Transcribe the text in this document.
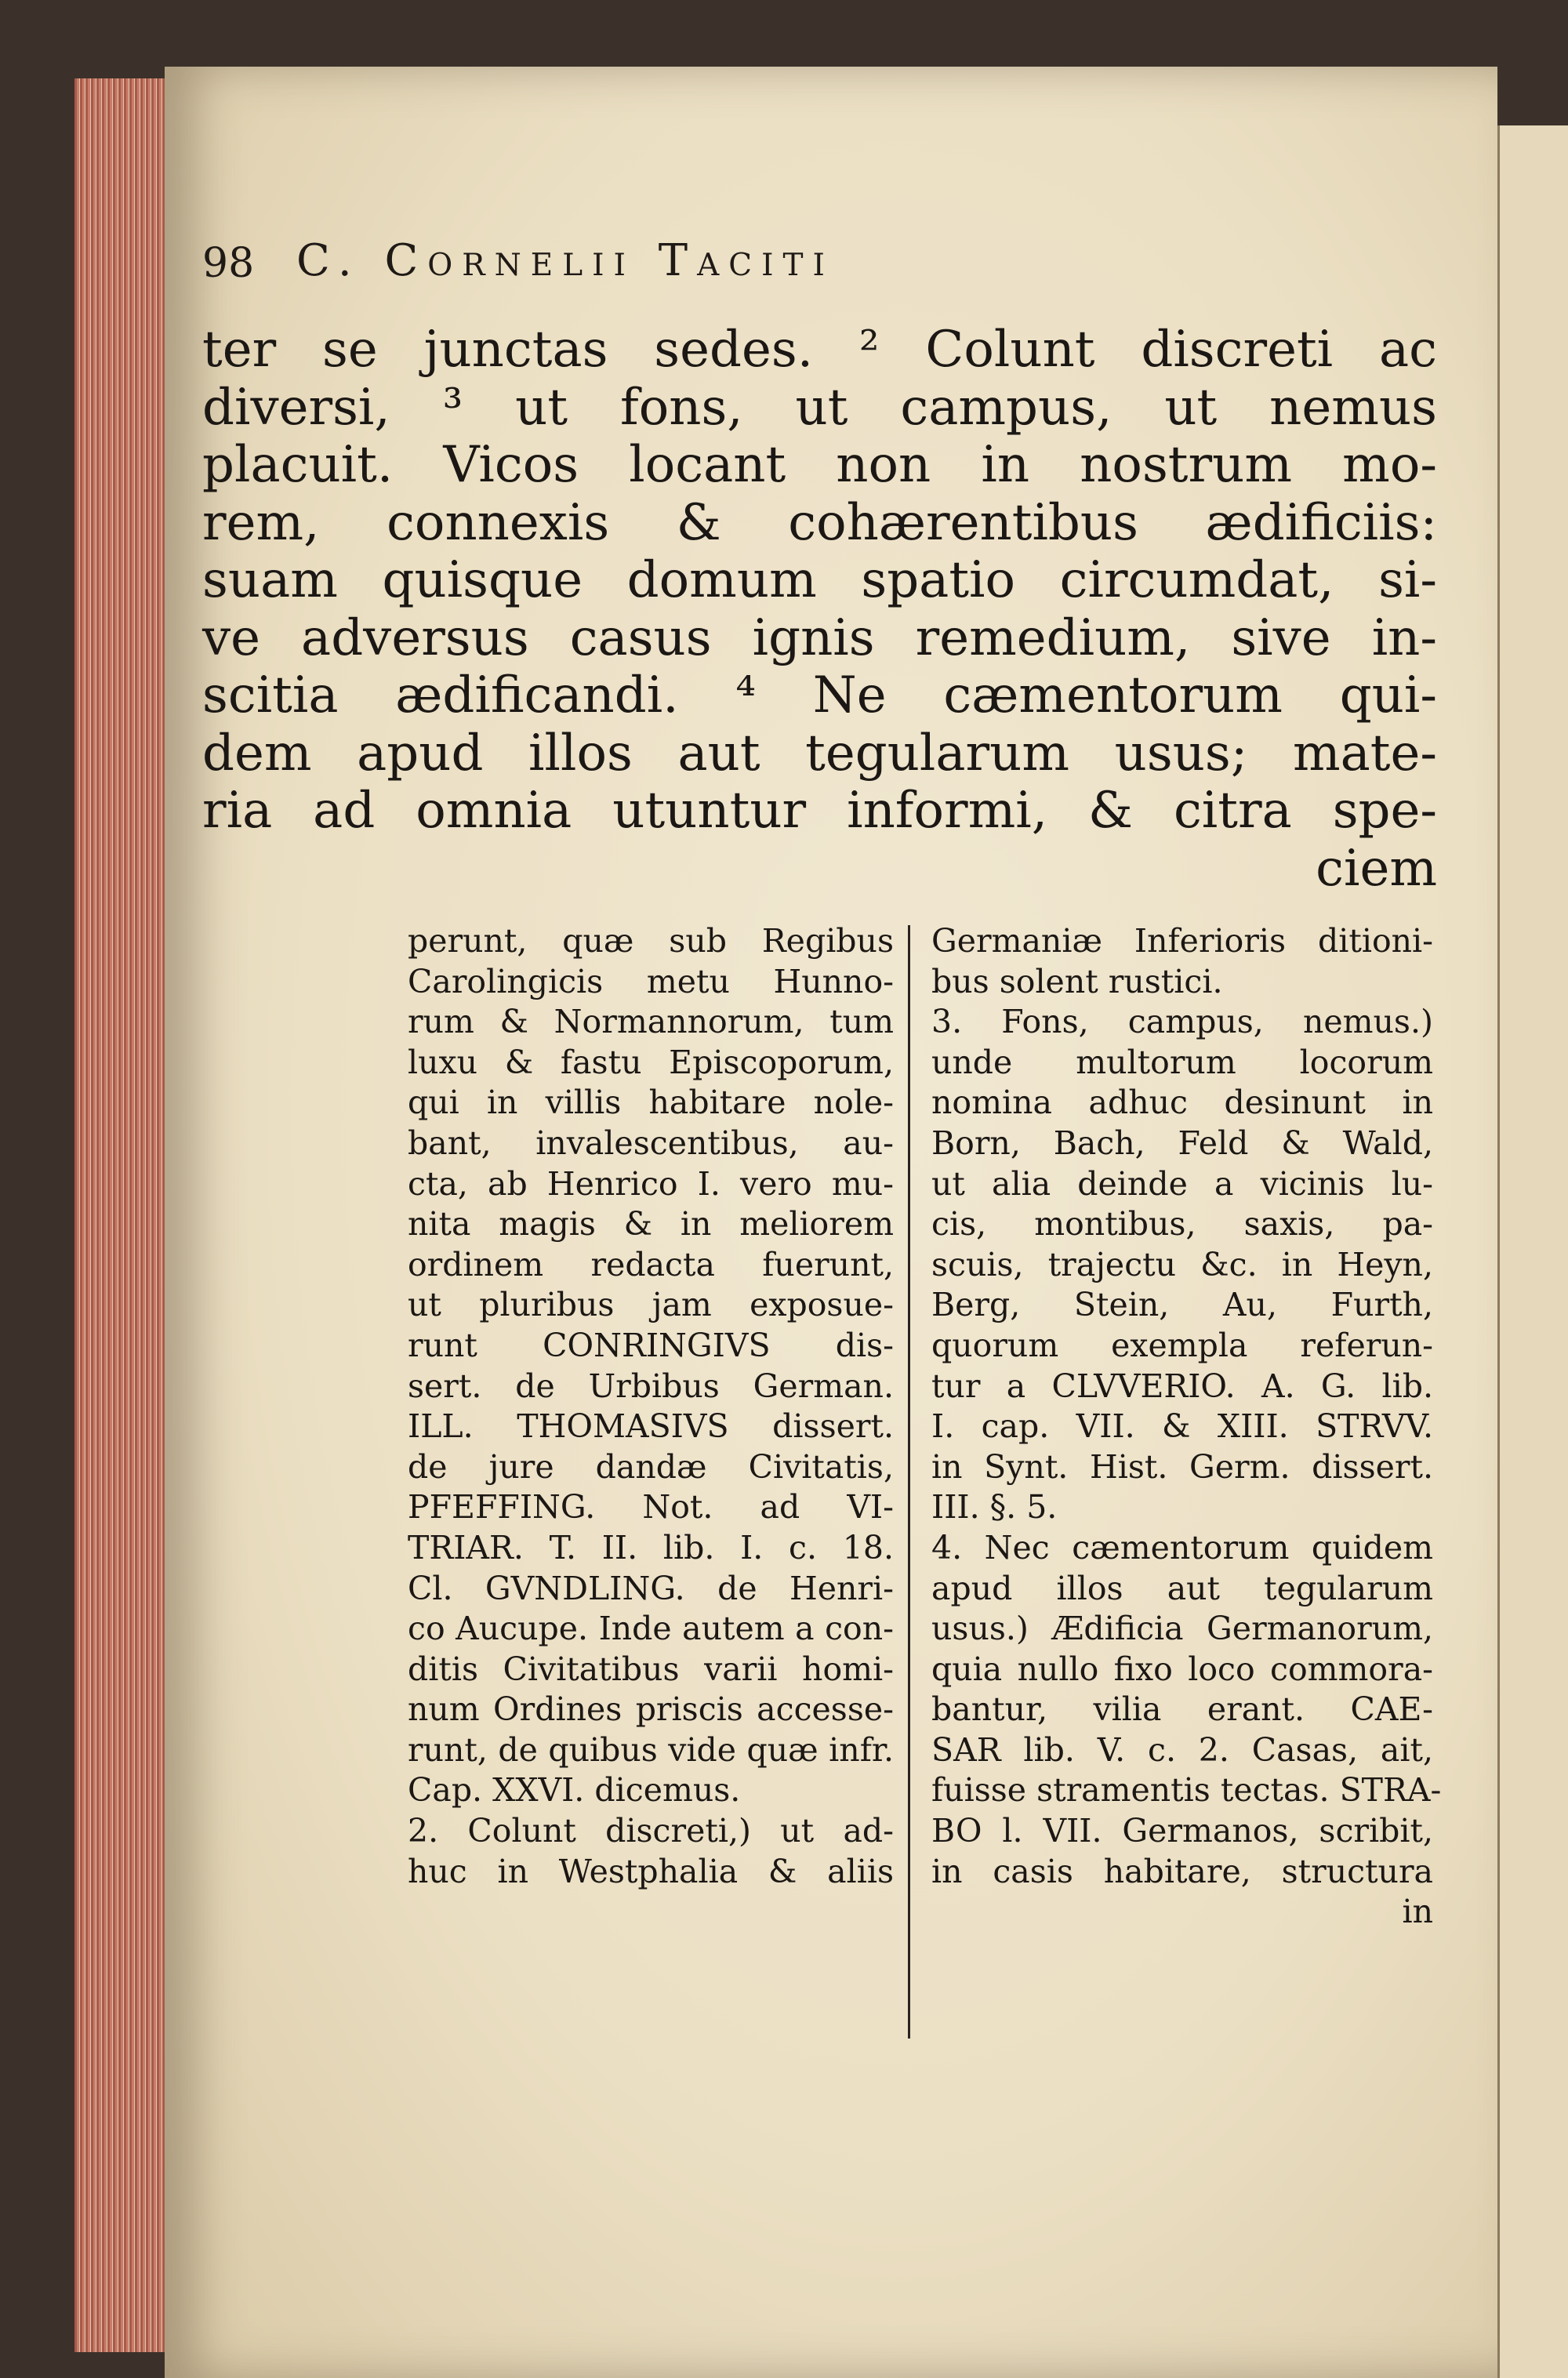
98 C. Cornelii Taciti
ter se junctas sedes. ² Colunt discreti ac
diversi, ³ ut fons, ut campus, ut nemus
placuit. Vicos locant non in nostrum mo-
rem, connexis & cohærentibus ædificiis:
suam quisque domum spatio circumdat, si-
ve adversus casus ignis remedium, sive in-
scitia ædificandi. ⁴ Ne cæmentorum qui-
dem apud illos aut tegularum usus; mate-
ria ad omnia utuntur informi, & citra spe-
ciem
perunt, quæ sub Regibus
Carolingicis metu Hunno-
rum & Normannorum, tum
luxu & fastu Episcoporum,
qui in villis habitare nole-
bant, invalescentibus, au-
cta, ab Henrico I. vero mu-
nita magis & in meliorem
ordinem redacta fuerunt,
ut pluribus jam exposue-
runt CONRINGIVS dis-
sert. de Urbibus German.
ILL. THOMASIVS dissert.
de jure dandæ Civitatis,
PFEFFING. Not. ad VI-
TRIAR. T. II. lib. I. c. 18.
Cl. GVNDLING. de Henri-
co Aucupe. Inde autem a con-
ditis Civitatibus varii homi-
num Ordines priscis accesse-
runt, de quibus vide quæ infr.
Cap. XXVI. dicemus.
2. Colunt discreti,) ut ad-
huc in Westphalia & aliis
Germaniæ Inferioris ditioni-
bus solent rustici.
3. Fons, campus, nemus.)
unde multorum locorum
nomina adhuc desinunt in
Born, Bach, Feld & Wald,
ut alia deinde a vicinis lu-
cis, montibus, saxis, pa-
scuis, trajectu &c. in Heyn,
Berg, Stein, Au, Furth,
quorum exempla referun-
tur a CLVVERIO. A. G. lib.
I. cap. VII. & XIII. STRVV.
in Synt. Hist. Germ. dissert.
III. §. 5.
4. Nec cæmentorum quidem
apud illos aut tegularum
usus.) Ædificia Germanorum,
quia nullo fixo loco commora-
bantur, vilia erant. CAE-
SAR lib. V. c. 2. Casas, ait,
fuisse stramentis tectas. STRA-
BO l. VII. Germanos, scribit,
in casis habitare, structura
in
